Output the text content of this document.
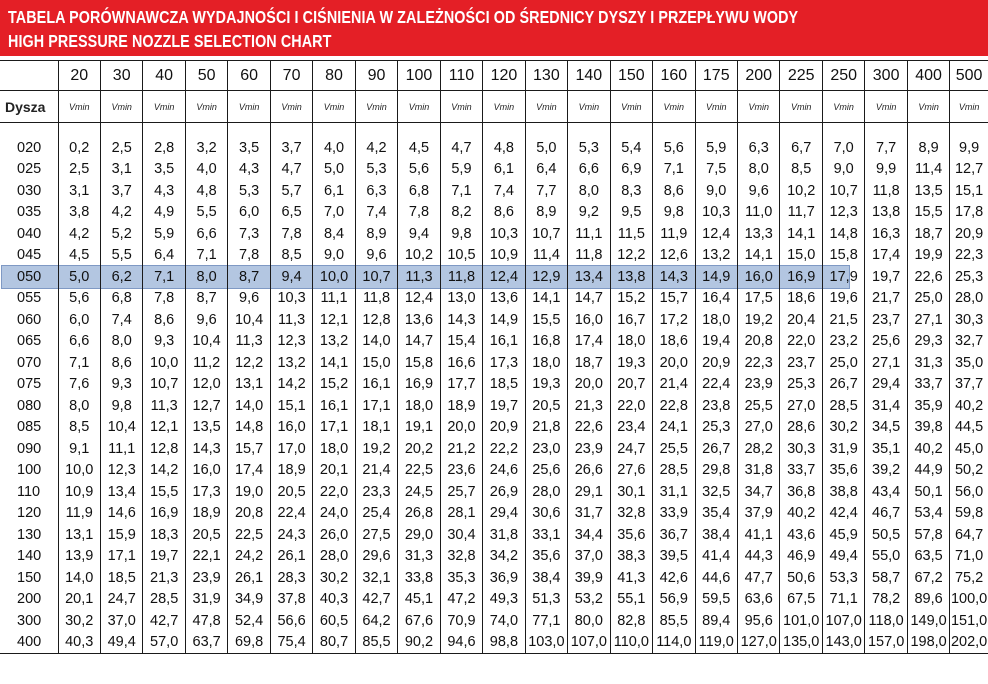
TABELA PORÓWNAWCZA WYDAJNOŚCI I CIŚNIENIA W ZALEŻNOŚCI OD ŚREDNICY DYSZY I PRZEPŁYWU WODY
HIGH PRESSURE NOZZLE SELECTION CHART
	20	30	40	50	60	70	80	90	100	110	120	130	140	150	160	175	200	225	250	300	400	500
Dysza	Vmin	Vmin	Vmin	Vmin	Vmin	Vmin	Vmin	Vmin	Vmin	Vmin	Vmin	Vmin	Vmin	Vmin	Vmin	Vmin	Vmin	Vmin	Vmin	Vmin	Vmin	Vmin

020	0,2	2,5	2,8	3,2	3,5	3,7	4,0	4,2	4,5	4,7	4,8	5,0	5,3	5,4	5,6	5,9	6,3	6,7	7,0	7,7	8,9	9,9
025	2,5	3,1	3,5	4,0	4,3	4,7	5,0	5,3	5,6	5,9	6,1	6,4	6,6	6,9	7,1	7,5	8,0	8,5	9,0	9,9	11,4	12,7
030	3,1	3,7	4,3	4,8	5,3	5,7	6,1	6,3	6,8	7,1	7,4	7,7	8,0	8,3	8,6	9,0	9,6	10,2	10,7	11,8	13,5	15,1
035	3,8	4,2	4,9	5,5	6,0	6,5	7,0	7,4	7,8	8,2	8,6	8,9	9,2	9,5	9,8	10,3	11,0	11,7	12,3	13,8	15,5	17,8
040	4,2	5,2	5,9	6,6	7,3	7,8	8,4	8,9	9,4	9,8	10,3	10,7	11,1	11,5	11,9	12,4	13,3	14,1	14,8	16,3	18,7	20,9
045	4,5	5,5	6,4	7,1	7,8	8,5	9,0	9,6	10,2	10,5	10,9	11,4	11,8	12,2	12,6	13,2	14,1	15,0	15,8	17,4	19,9	22,3
050	5,0	6,2	7,1	8,0	8,7	9,4	10,0	10,7	11,3	11,8	12,4	12,9	13,4	13,8	14,3	14,9	16,0	16,9	17,9	19,7	22,6	25,3
055	5,6	6,8	7,8	8,7	9,6	10,3	11,1	11,8	12,4	13,0	13,6	14,1	14,7	15,2	15,7	16,4	17,5	18,6	19,6	21,7	25,0	28,0
060	6,0	7,4	8,6	9,6	10,4	11,3	12,1	12,8	13,6	14,3	14,9	15,5	16,0	16,7	17,2	18,0	19,2	20,4	21,5	23,7	27,1	30,3
065	6,6	8,0	9,3	10,4	11,3	12,3	13,2	14,0	14,7	15,4	16,1	16,8	17,4	18,0	18,6	19,4	20,8	22,0	23,2	25,6	29,3	32,7
070	7,1	8,6	10,0	11,2	12,2	13,2	14,1	15,0	15,8	16,6	17,3	18,0	18,7	19,3	20,0	20,9	22,3	23,7	25,0	27,1	31,3	35,0
075	7,6	9,3	10,7	12,0	13,1	14,2	15,2	16,1	16,9	17,7	18,5	19,3	20,0	20,7	21,4	22,4	23,9	25,3	26,7	29,4	33,7	37,7
080	8,0	9,8	11,3	12,7	14,0	15,1	16,1	17,1	18,0	18,9	19,7	20,5	21,3	22,0	22,8	23,8	25,5	27,0	28,5	31,4	35,9	40,2
085	8,5	10,4	12,1	13,5	14,8	16,0	17,1	18,1	19,1	20,0	20,9	21,8	22,6	23,4	24,1	25,3	27,0	28,6	30,2	34,5	39,8	44,5
090	9,1	11,1	12,8	14,3	15,7	17,0	18,0	19,2	20,2	21,2	22,2	23,0	23,9	24,7	25,5	26,7	28,2	30,3	31,9	35,1	40,2	45,0
100	10,0	12,3	14,2	16,0	17,4	18,9	20,1	21,4	22,5	23,6	24,6	25,6	26,6	27,6	28,5	29,8	31,8	33,7	35,6	39,2	44,9	50,2
110	10,9	13,4	15,5	17,3	19,0	20,5	22,0	23,3	24,5	25,7	26,9	28,0	29,1	30,1	31,1	32,5	34,7	36,8	38,8	43,4	50,1	56,0
120	11,9	14,6	16,9	18,9	20,8	22,4	24,0	25,4	26,8	28,1	29,4	30,6	31,7	32,8	33,9	35,4	37,9	40,2	42,4	46,7	53,4	59,8
130	13,1	15,9	18,3	20,5	22,5	24,3	26,0	27,5	29,0	30,4	31,8	33,1	34,4	35,6	36,7	38,4	41,1	43,6	45,9	50,5	57,8	64,7
140	13,9	17,1	19,7	22,1	24,2	26,1	28,0	29,6	31,3	32,8	34,2	35,6	37,0	38,3	39,5	41,4	44,3	46,9	49,4	55,0	63,5	71,0
150	14,0	18,5	21,3	23,9	26,1	28,3	30,2	32,1	33,8	35,3	36,9	38,4	39,9	41,3	42,6	44,6	47,7	50,6	53,3	58,7	67,2	75,2
200	20,1	24,7	28,5	31,9	34,9	37,8	40,3	42,7	45,1	47,2	49,3	51,3	53,2	55,1	56,9	59,5	63,6	67,5	71,1	78,2	89,6	100,0
300	30,2	37,0	42,7	47,8	52,4	56,6	60,5	64,2	67,6	70,9	74,0	77,1	80,0	82,8	85,5	89,4	95,6	101,0	107,0	118,0	149,0	151,0
400	40,3	49,4	57,0	63,7	69,8	75,4	80,7	85,5	90,2	94,6	98,8	103,0	107,0	110,0	114,0	119,0	127,0	135,0	143,0	157,0	198,0	202,0
